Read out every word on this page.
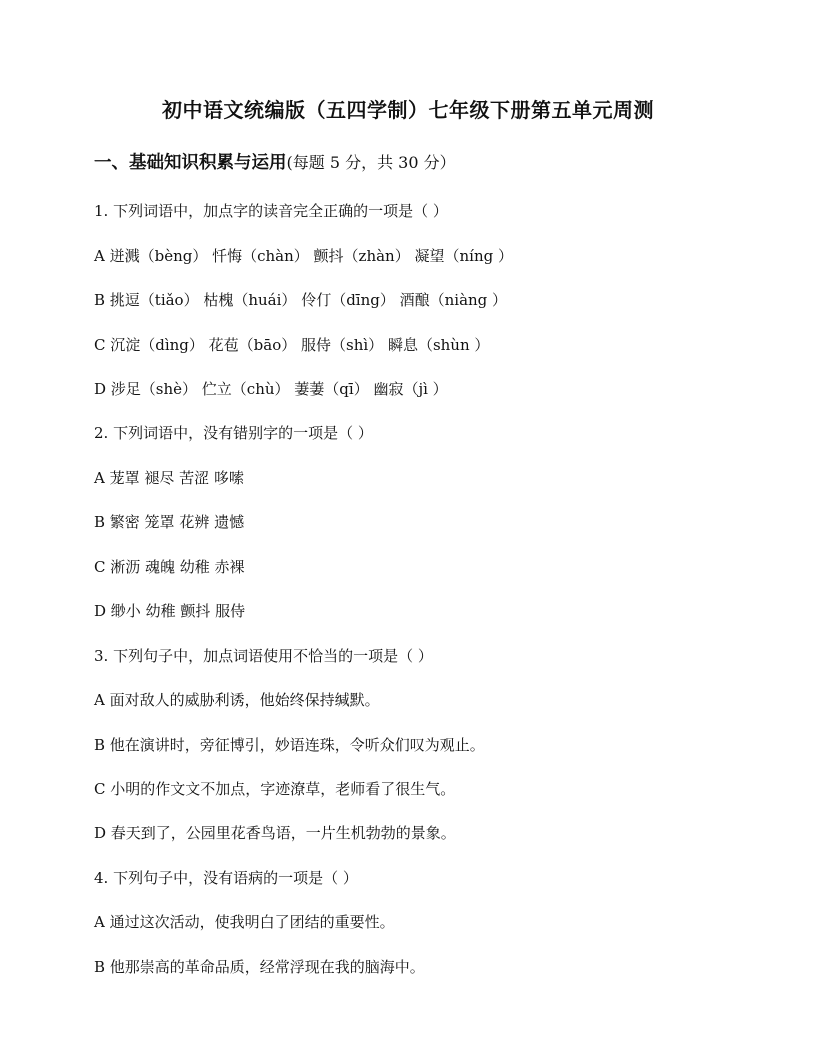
初中语文统编版（五四学制）七年级下册第五单元周测
一、基础知识积累与运用(每题 5 分，共 30 分）
1. 下列词语中，加点字的读音完全正确的一项是（ ）
A 迸溅（bèng） 忏悔（chàn） 颤抖（zhàn） 凝望（níng ）
B 挑逗（tiǎo） 枯槐（huái） 伶仃（dīng） 酒酿（niàng ）
C 沉淀（dìng） 花苞（bāo） 服侍（shì） 瞬息（shùn ）
D 涉足（shè） 伫立（chù） 萋萋（qī） 幽寂（jì ）
2. 下列词语中，没有错别字的一项是（ ）
A 茏罩 褪尽 苦涩 哆嗦
B 繁密 笼罩 花辨 遗憾
C 淅沥 魂魄 幼稚 赤裸
D 缈小 幼稚 颤抖 服侍
3. 下列句子中，加点词语使用不恰当的一项是（ ）
A 面对敌人的威胁利诱，他始终保持缄默。
B 他在演讲时，旁征博引，妙语连珠，令听众们叹为观止。
C 小明的作文文不加点，字迹潦草，老师看了很生气。
D 春天到了，公园里花香鸟语，一片生机勃勃的景象。
4. 下列句子中，没有语病的一项是（ ）
A 通过这次活动，使我明白了团结的重要性。
B 他那崇高的革命品质，经常浮现在我的脑海中。
